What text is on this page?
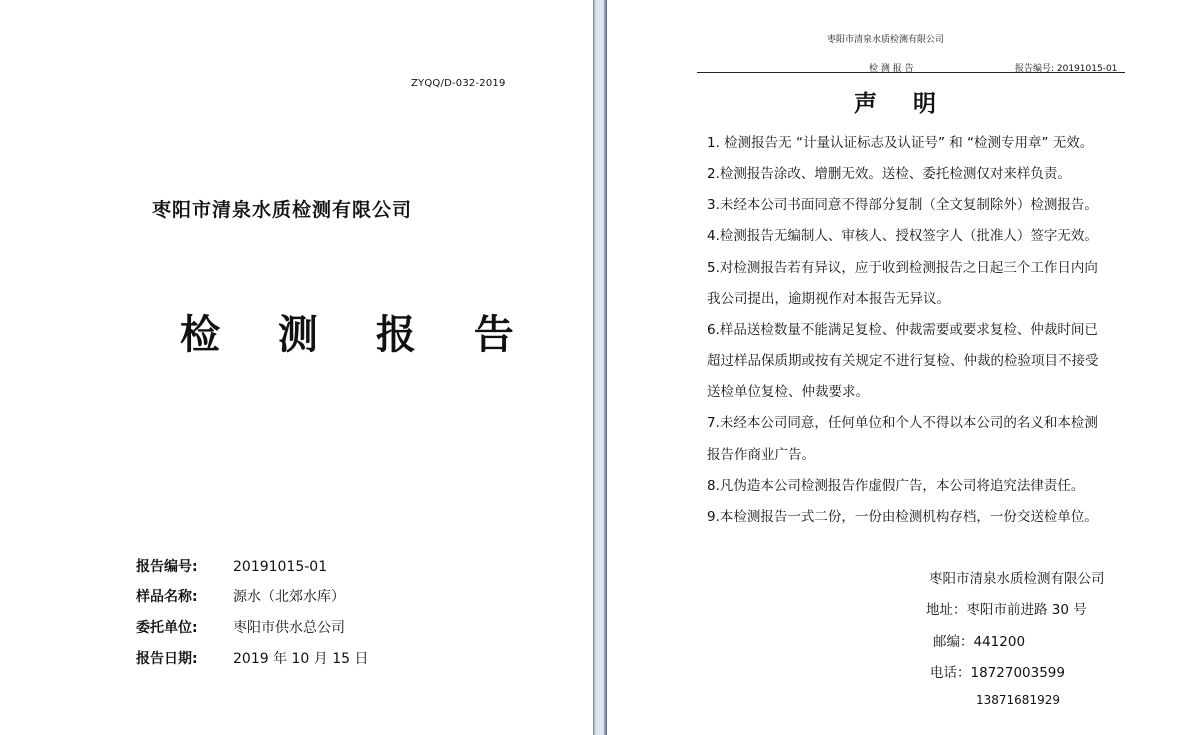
ZYQQ/D-032-2019
枣阳市清泉水质检测有限公司
检 测 报 告
报告编号:	20191015-01
样品名称:	源水（北郊水库）
委托单位:	枣阳市供水总公司
报告日期:	2019 年 10 月 15 日
枣阳市清泉水质检测有限公司
检 测 报 告	报告编号: 20191015-01
声 明
1. 检测报告无 “计量认证标志及认证号” 和 “检测专用章” 无效。
2.检测报告涂改、增删无效。送检、委托检测仅对来样负责。
3.未经本公司书面同意不得部分复制（全文复制除外）检测报告。
4.检测报告无编制人、审核人、授权签字人（批准人）签字无效。
5.对检测报告若有异议，应于收到检测报告之日起三个工作日内向
我公司提出，逾期视作对本报告无异议。
6.样品送检数量不能满足复检、仲裁需要或要求复检、仲裁时间已
超过样品保质期或按有关规定不进行复检、仲裁的检验项目不接受
送检单位复检、仲裁要求。
7.未经本公司同意，任何单位和个人不得以本公司的名义和本检测
报告作商业广告。
8.凡伪造本公司检测报告作虚假广告，本公司将追究法律责任。
9.本检测报告一式二份，一份由检测机构存档，一份交送检单位。
枣阳市清泉水质检测有限公司
地址：枣阳市前进路 30 号
邮编：441200
电话：18727003599
13871681929
